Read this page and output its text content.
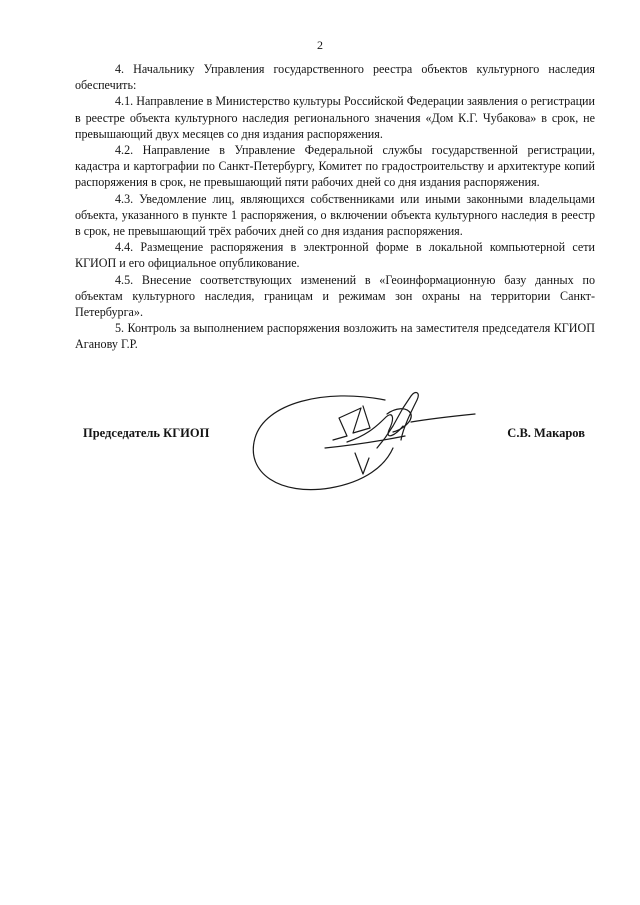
2

4. Начальнику Управления государственного реестра объектов культурного наследия обеспечить:

4.1. Направление в Министерство культуры Российской Федерации заявления о регистрации в реестре объекта культурного наследия регионального значения «Дом К.Г. Чубакова» в срок, не превышающий двух месяцев со дня издания распоряжения.

4.2. Направление в Управление Федеральной службы государственной регистрации, кадастра и картографии по Санкт-Петербургу, Комитет по градостроительству и архитектуре копий распоряжения в срок, не превышающий пяти рабочих дней со дня издания распоряжения.

4.3. Уведомление лиц, являющихся собственниками или иными законными владельцами объекта, указанного в пункте 1 распоряжения, о включении объекта культурного наследия в реестр в срок, не превышающий трёх рабочих дней со дня издания распоряжения.

4.4. Размещение распоряжения в электронной форме в локальной компьютерной сети КГИОП и его официальное опубликование.

4.5. Внесение соответствующих изменений в «Геоинформационную базу данных по объектам культурного наследия, границам и режимам зон охраны на территории Санкт-Петербурга».

5. Контроль за выполнением распоряжения возложить на заместителя председателя КГИОП Аганову Г.Р.

Председатель КГИОП	С.В. Макаров
